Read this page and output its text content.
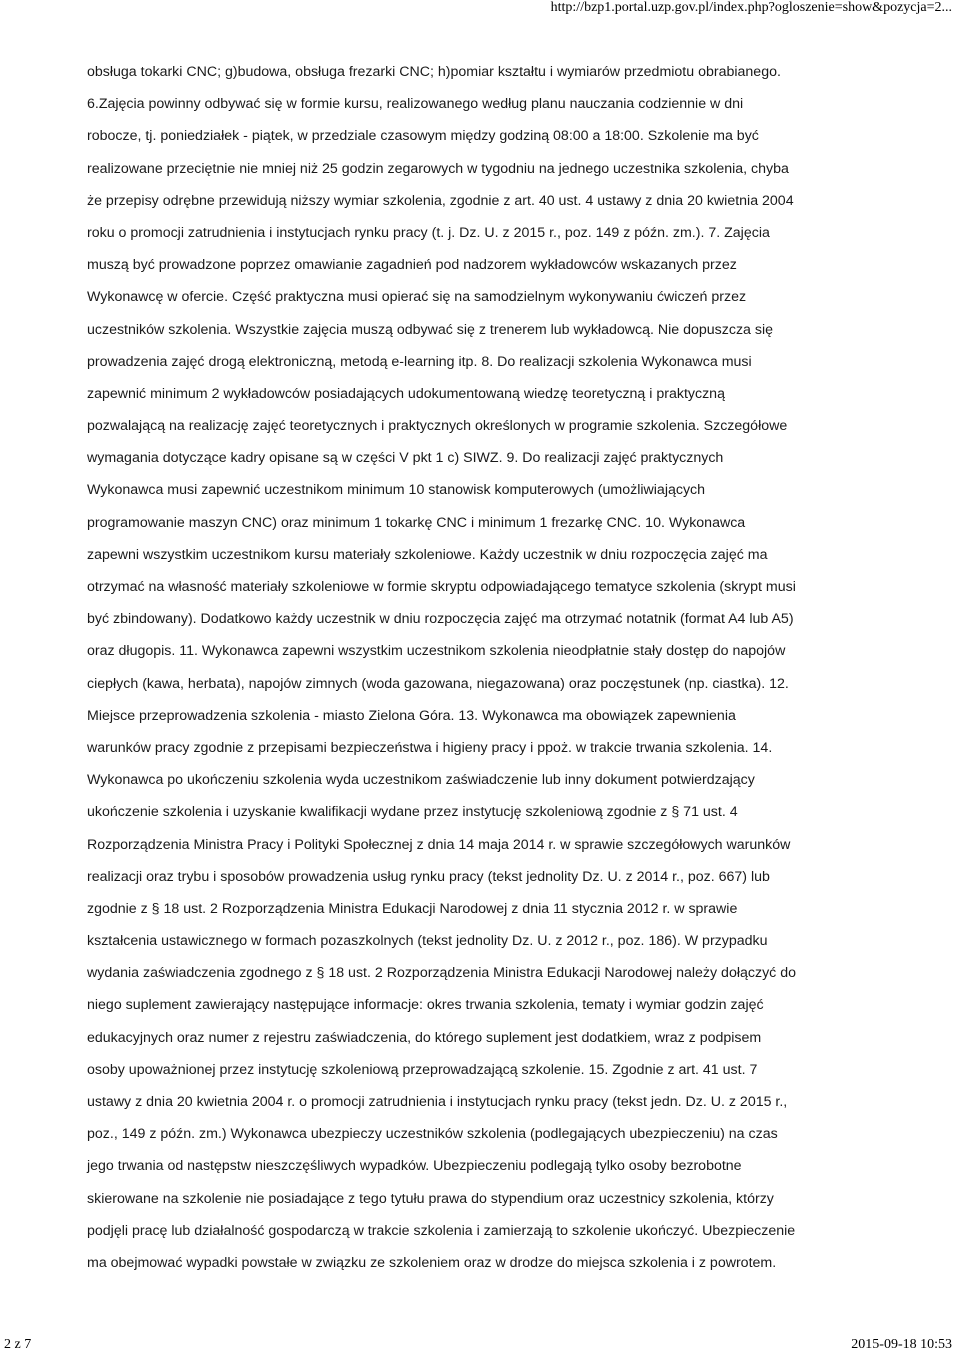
http://bzp1.portal.uzp.gov.pl/index.php?ogloszenie=show&pozycja=2...
obsługa tokarki CNC; g)budowa, obsługa frezarki CNC; h)pomiar kształtu i wymiarów przedmiotu obrabianego.
6.Zajęcia powinny odbywać się w formie kursu, realizowanego według planu nauczania codziennie w dni
robocze, tj. poniedziałek - piątek, w przedziale czasowym między godziną 08:00 a 18:00. Szkolenie ma być
realizowane przeciętnie nie mniej niż 25 godzin zegarowych w tygodniu na jednego uczestnika szkolenia, chyba
że przepisy odrębne przewidują niższy wymiar szkolenia, zgodnie z art. 40 ust. 4 ustawy z dnia 20 kwietnia 2004
roku o promocji zatrudnienia i instytucjach rynku pracy (t. j. Dz. U. z 2015 r., poz. 149 z późn. zm.). 7. Zajęcia
muszą być prowadzone poprzez omawianie zagadnień pod nadzorem wykładowców wskazanych przez
Wykonawcę w ofercie. Część praktyczna musi opierać się na samodzielnym wykonywaniu ćwiczeń przez
uczestników szkolenia. Wszystkie zajęcia muszą odbywać się z trenerem lub wykładowcą. Nie dopuszcza się
prowadzenia zajęć drogą elektroniczną, metodą e-learning itp. 8. Do realizacji szkolenia Wykonawca musi
zapewnić minimum 2 wykładowców posiadających udokumentowaną wiedzę teoretyczną i praktyczną
pozwalającą na realizację zajęć teoretycznych i praktycznych określonych w programie szkolenia. Szczegółowe
wymagania dotyczące kadry opisane są w części V pkt 1 c) SIWZ. 9. Do realizacji zajęć praktycznych
Wykonawca musi zapewnić uczestnikom minimum 10 stanowisk komputerowych (umożliwiających
programowanie maszyn CNC) oraz minimum 1 tokarkę CNC i minimum 1 frezarkę CNC. 10. Wykonawca
zapewni wszystkim uczestnikom kursu materiały szkoleniowe. Każdy uczestnik w dniu rozpoczęcia zajęć ma
otrzymać na własność materiały szkoleniowe w formie skryptu odpowiadającego tematyce szkolenia (skrypt musi
być zbindowany). Dodatkowo każdy uczestnik w dniu rozpoczęcia zajęć ma otrzymać notatnik (format A4 lub A5)
oraz długopis. 11. Wykonawca zapewni wszystkim uczestnikom szkolenia nieodpłatnie stały dostęp do napojów
ciepłych (kawa, herbata), napojów zimnych (woda gazowana, niegazowana) oraz poczęstunek (np. ciastka). 12.
Miejsce przeprowadzenia szkolenia - miasto Zielona Góra. 13. Wykonawca ma obowiązek zapewnienia
warunków pracy zgodnie z przepisami bezpieczeństwa i higieny pracy i ppoż. w trakcie trwania szkolenia. 14.
Wykonawca po ukończeniu szkolenia wyda uczestnikom zaświadczenie lub inny dokument potwierdzający
ukończenie szkolenia i uzyskanie kwalifikacji wydane przez instytucję szkoleniową zgodnie z § 71 ust. 4
Rozporządzenia Ministra Pracy i Polityki Społecznej z dnia 14 maja 2014 r. w sprawie szczegółowych warunków
realizacji oraz trybu i sposobów prowadzenia usług rynku pracy (tekst jednolity Dz. U. z 2014 r., poz. 667) lub
zgodnie z § 18 ust. 2 Rozporządzenia Ministra Edukacji Narodowej z dnia 11 stycznia 2012 r. w sprawie
kształcenia ustawicznego w formach pozaszkolnych (tekst jednolity Dz. U. z 2012 r., poz. 186). W przypadku
wydania zaświadczenia zgodnego z § 18 ust. 2 Rozporządzenia Ministra Edukacji Narodowej należy dołączyć do
niego suplement zawierający następujące informacje: okres trwania szkolenia, tematy i wymiar godzin zajęć
edukacyjnych oraz numer z rejestru zaświadczenia, do którego suplement jest dodatkiem, wraz z podpisem
osoby upoważnionej przez instytucję szkoleniową przeprowadzającą szkolenie. 15. Zgodnie z art. 41 ust. 7
ustawy z dnia 20 kwietnia 2004 r. o promocji zatrudnienia i instytucjach rynku pracy (tekst jedn. Dz. U. z 2015 r.,
poz., 149 z późn. zm.) Wykonawca ubezpieczy uczestników szkolenia (podlegających ubezpieczeniu) na czas
jego trwania od następstw nieszczęśliwych wypadków. Ubezpieczeniu podlegają tylko osoby bezrobotne
skierowane na szkolenie nie posiadające z tego tytułu prawa do stypendium oraz uczestnicy szkolenia, którzy
podjęli pracę lub działalność gospodarczą w trakcie szkolenia i zamierzają to szkolenie ukończyć. Ubezpieczenie
ma obejmować wypadki powstałe w związku ze szkoleniem oraz w drodze do miejsca szkolenia i z powrotem.
2 z 7	2015-09-18 10:53
